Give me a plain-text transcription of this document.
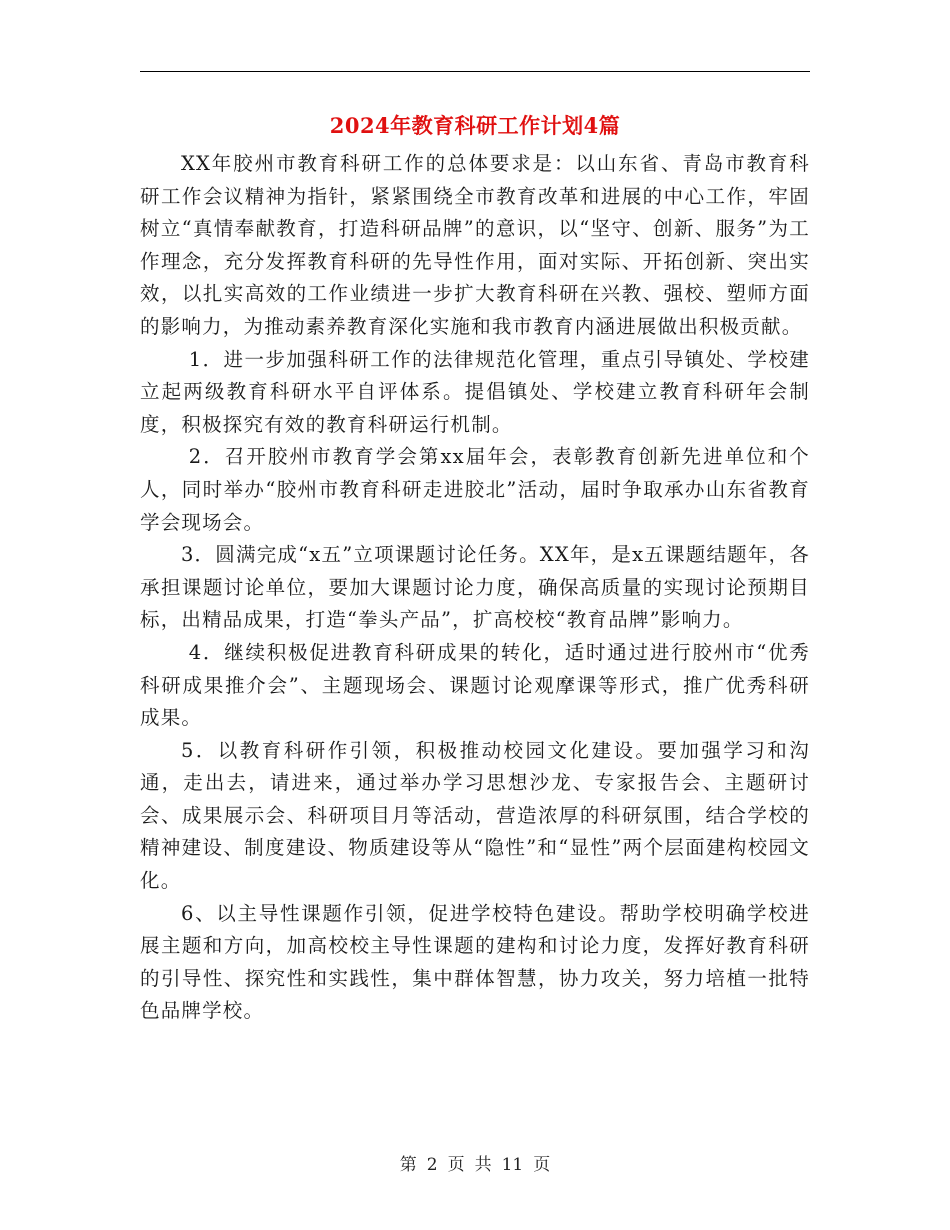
2024年教育科研工作计划4篇

XX年胶州市教育科研工作的总体要求是：以山东省、青岛市教育科研工作会议精神为指针，紧紧围绕全市教育改革和进展的中心工作，牢固树立“真情奉献教育，打造科研品牌”的意识，以“坚守、创新、服务”为工作理念，充分发挥教育科研的先导性作用，面对实际、开拓创新、突出实效，以扎实高效的工作业绩进一步扩大教育科研在兴教、强校、塑师方面的影响力，为推动素养教育深化实施和我市教育内涵进展做出积极贡献。

1．进一步加强科研工作的法律规范化管理，重点引导镇处、学校建立起两级教育科研水平自评体系。提倡镇处、学校建立教育科研年会制度，积极探究有效的教育科研运行机制。

2．召开胶州市教育学会第xx届年会，表彰教育创新先进单位和个人，同时举办“胶州市教育科研走进胶北”活动，届时争取承办山东省教育学会现场会。

3．圆满完成“x五”立项课题讨论任务。XX年，是x五课题结题年，各承担课题讨论单位，要加大课题讨论力度，确保高质量的实现讨论预期目标，出精品成果，打造“拳头产品”，扩高校校“教育品牌”影响力。

4．继续积极促进教育科研成果的转化，适时通过进行胶州市“优秀科研成果推介会”、主题现场会、课题讨论观摩课等形式，推广优秀科研成果。

5．以教育科研作引领，积极推动校园文化建设。要加强学习和沟通，走出去，请进来，通过举办学习思想沙龙、专家报告会、主题研讨会、成果展示会、科研项目月等活动，营造浓厚的科研氛围，结合学校的精神建设、制度建设、物质建设等从“隐性”和“显性”两个层面建构校园文化。

6、以主导性课题作引领，促进学校特色建设。帮助学校明确学校进展主题和方向，加高校校主导性课题的建构和讨论力度，发挥好教育科研的引导性、探究性和实践性，集中群体智慧，协力攻关，努力培植一批特色品牌学校。

第 2 页 共 11 页
